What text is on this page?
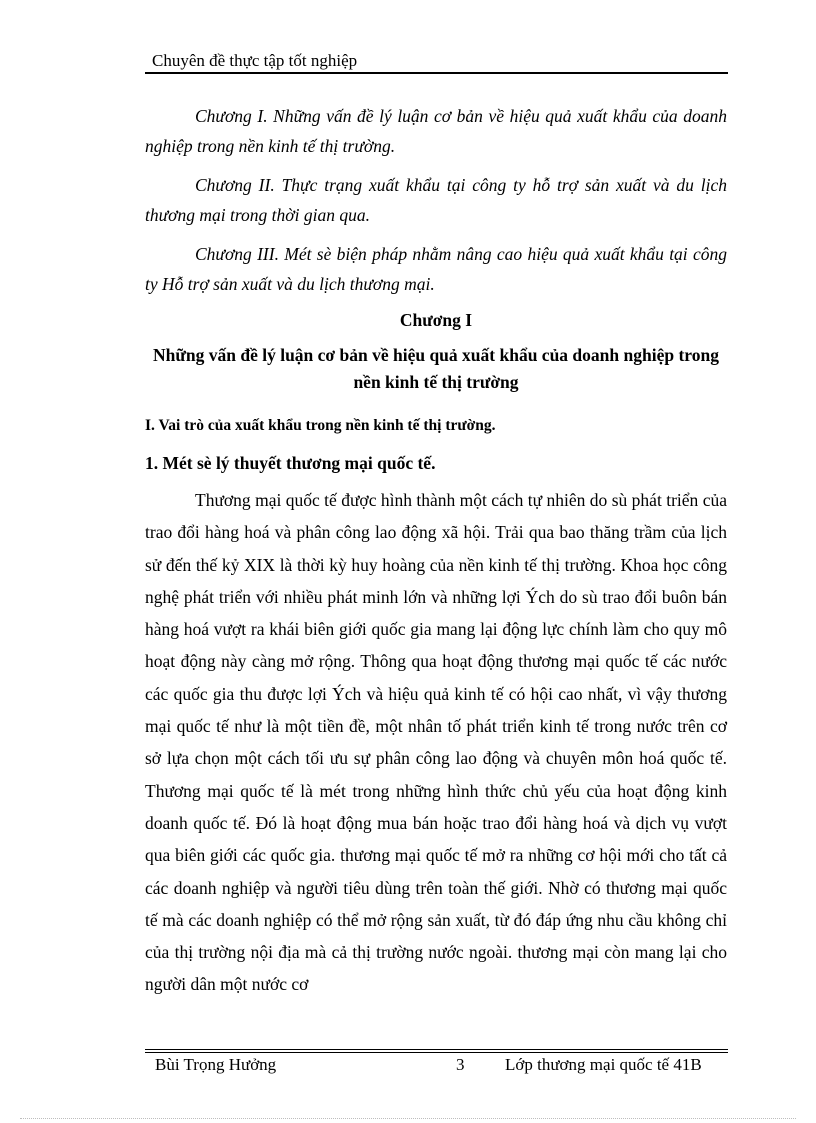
Chuyên đề thực tập tốt nghiệp

Chương I. Những vấn đề lý luận cơ bản về hiệu quả xuất khẩu của doanh nghiệp trong nền kinh tế thị trường.

Chương II. Thực trạng xuất khẩu tại công ty hỗ trợ sản xuất và du lịch thương mại trong thời gian qua.

Chương III. Mét sè biện pháp nhằm nâng cao hiệu quả xuất khẩu tại công ty Hỗ trợ sản xuất và du lịch thương mại.

Chương I
Những vấn đề lý luận cơ bản về hiệu quả xuất khẩu của doanh nghiệp trong nền kinh tế thị trường
I. Vai trò của xuất khẩu trong nền kinh tế thị trường.
1. Mét sè lý thuyết thương mại quốc tế.

Thương mại quốc tế được hình thành một cách tự nhiên do sù phát triển của trao đổi hàng hoá và phân công lao động xã hội. Trải qua bao thăng trầm của lịch sử đến thế kỷ XIX là thời kỳ huy hoàng của nền kinh tế thị trường. Khoa học công nghệ phát triển với nhiều phát minh lớn và những lợi Ých do sù trao đổi buôn bán hàng hoá vượt ra khái biên giới quốc gia mang lại động lực chính làm cho quy mô hoạt động này càng mở rộng. Thông qua hoạt động thương mại quốc tế các nước các quốc gia thu được lợi Ých và hiệu quả kinh tế có hội cao nhất, vì vậy thương mại quốc tế như là một tiền đề, một nhân tố phát triển kinh tế trong nước trên cơ sở lựa chọn một cách tối ưu sự phân công lao động và chuyên môn hoá quốc tế. Thương mại quốc tế là mét trong những hình thức chủ yếu của hoạt động kinh doanh quốc tế. Đó là hoạt động mua bán hoặc trao đổi hàng hoá và dịch vụ vượt qua biên giới các quốc gia. thương mại quốc tế mở ra những cơ hội mới cho tất cả các doanh nghiệp và người tiêu dùng trên toàn thế giới. Nhờ có thương mại quốc tế mà các doanh nghiệp có thể mở rộng sản xuất, từ đó đáp ứng nhu cầu không chỉ của thị trường nội địa mà cả thị trường nước ngoài. thương mại còn mang lại cho người dân một nước cơ

Bùi Trọng Hưởng	3 Lớp thương mại quốc tế 41B
